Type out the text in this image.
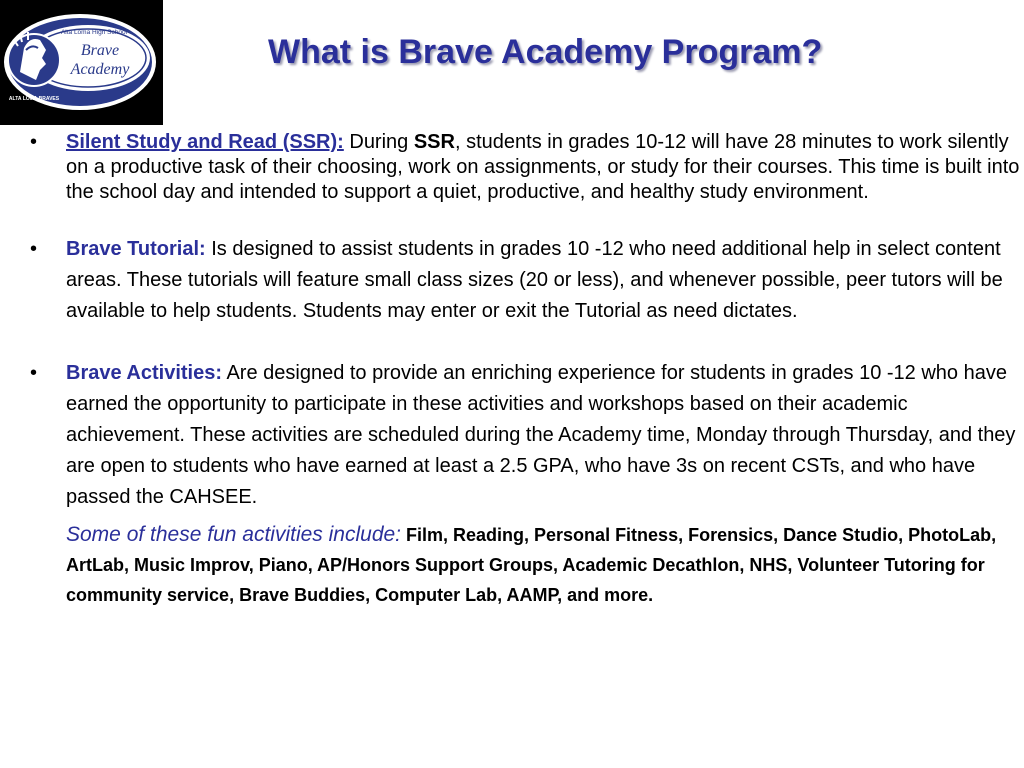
Alta Loma High School
Brave
Academy
ALTA LOMA BRAVES
What is Brave Academy Program?
• Silent Study and Read (SSR): During SSR, students in grades 10-12 will have 28 minutes to work silently on a productive task of their choosing, work on assignments, or study for their courses. This time is built into the school day and intended to support a quiet, productive, and healthy study environment.
• Brave Tutorial: Is designed to assist students in grades 10 -12 who need additional help in select content areas. These tutorials will feature small class sizes (20 or less), and whenever possible, peer tutors will be available to help students. Students may enter or exit the Tutorial as need dictates.
• Brave Activities: Are designed to provide an enriching experience for students in grades 10 -12 who have earned the opportunity to participate in these activities and workshops based on their academic achievement. These activities are scheduled during the Academy time, Monday through Thursday, and they are open to students who have earned at least a 2.5 GPA, who have 3s on recent CSTs, and who have passed the CAHSEE.
Some of these fun activities include: Film, Reading, Personal Fitness, Forensics, Dance Studio, PhotoLab, ArtLab, Music Improv, Piano, AP/Honors Support Groups, Academic Decathlon, NHS, Volunteer Tutoring for community service, Brave Buddies, Computer Lab, AAMP, and more.
